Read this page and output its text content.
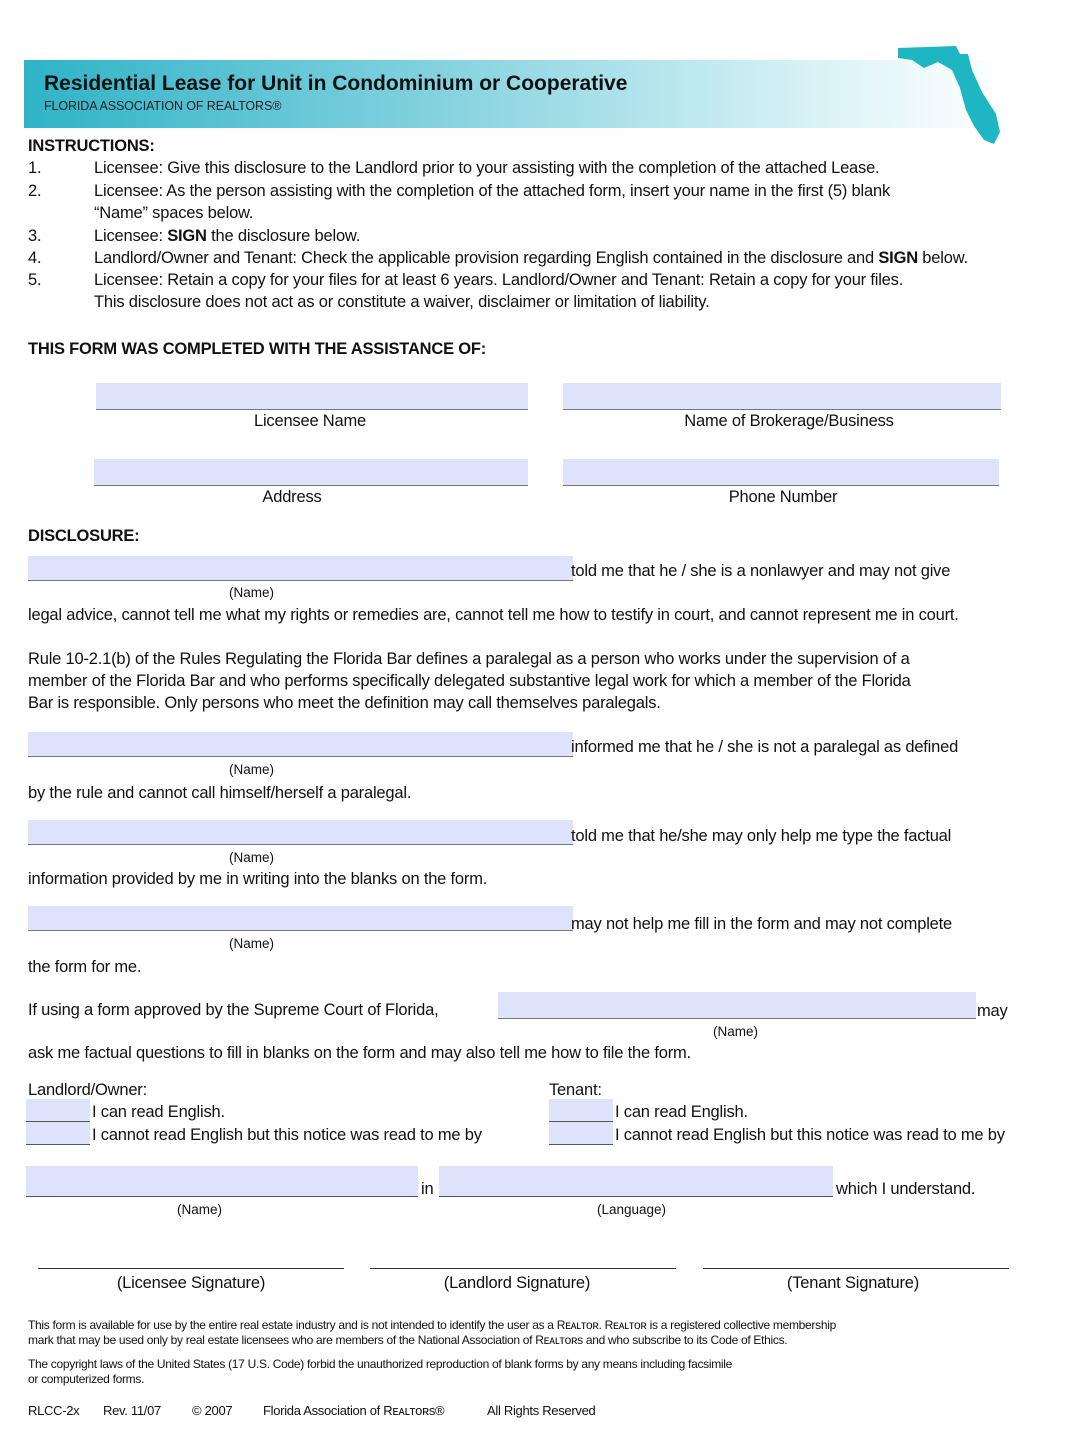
Residential Lease for Unit in Condominium or Cooperative
FLORIDA ASSOCIATION OF REALTORS®
INSTRUCTIONS:
1.	Licensee: Give this disclosure to the Landlord prior to your assisting with the completion of the attached Lease.
2.	Licensee: As the person assisting with the completion of the attached form, insert your name in the first (5) blank
“Name” spaces below.
3.	Licensee: SIGN the disclosure below.
4.	Landlord/Owner and Tenant: Check the applicable provision regarding English contained in the disclosure and SIGN below.
5.	Licensee: Retain a copy for your files for at least 6 years. Landlord/Owner and Tenant: Retain a copy for your files.
This disclosure does not act as or constitute a waiver, disclaimer or limitation of liability.
THIS FORM WAS COMPLETED WITH THE ASSISTANCE OF:
Licensee Name	Name of Brokerage/Business
Address	Phone Number
DISCLOSURE:
told me that he / she is a nonlawyer and may not give
(Name)
legal advice, cannot tell me what my rights or remedies are, cannot tell me how to testify in court, and cannot represent me in court.
Rule 10-2.1(b) of the Rules Regulating the Florida Bar defines a paralegal as a person who works under the supervision of a
member of the Florida Bar and who performs specifically delegated substantive legal work for which a member of the Florida
Bar is responsible. Only persons who meet the definition may call themselves paralegals.
informed me that he / she is not a paralegal as defined
(Name)
by the rule and cannot call himself/herself a paralegal.
told me that he/she may only help me type the factual
(Name)
information provided by me in writing into the blanks on the form.
may not help me fill in the form and may not complete
(Name)
the form for me.
If using a form approved by the Supreme Court of Florida,	may
(Name)
ask me factual questions to fill in blanks on the form and may also tell me how to file the form.
Landlord/Owner:
I can read English.
I cannot read English but this notice was read to me by
Tenant:
I can read English.
I cannot read English but this notice was read to me by
in	which I understand.
(Name)	(Language)
(Licensee Signature)	(Landlord Signature)	(Tenant Signature)
This form is available for use by the entire real estate industry and is not intended to identify the user as a Rᴇᴀʟᴛᴏʀ. Rᴇᴀʟᴛᴏʀ is a registered collective membership
mark that may be used only by real estate licensees who are members of the National Association of Rᴇᴀʟᴛᴏʀs and who subscribe to its Code of Ethics.
The copyright laws of the United States (17 U.S. Code) forbid the unauthorized reproduction of blank forms by any means including facsimile
or computerized forms.
RLCC-2x Rev. 11/07 © 2007 Florida Association of Rᴇᴀʟᴛᴏʀs®	All Rights Reserved
